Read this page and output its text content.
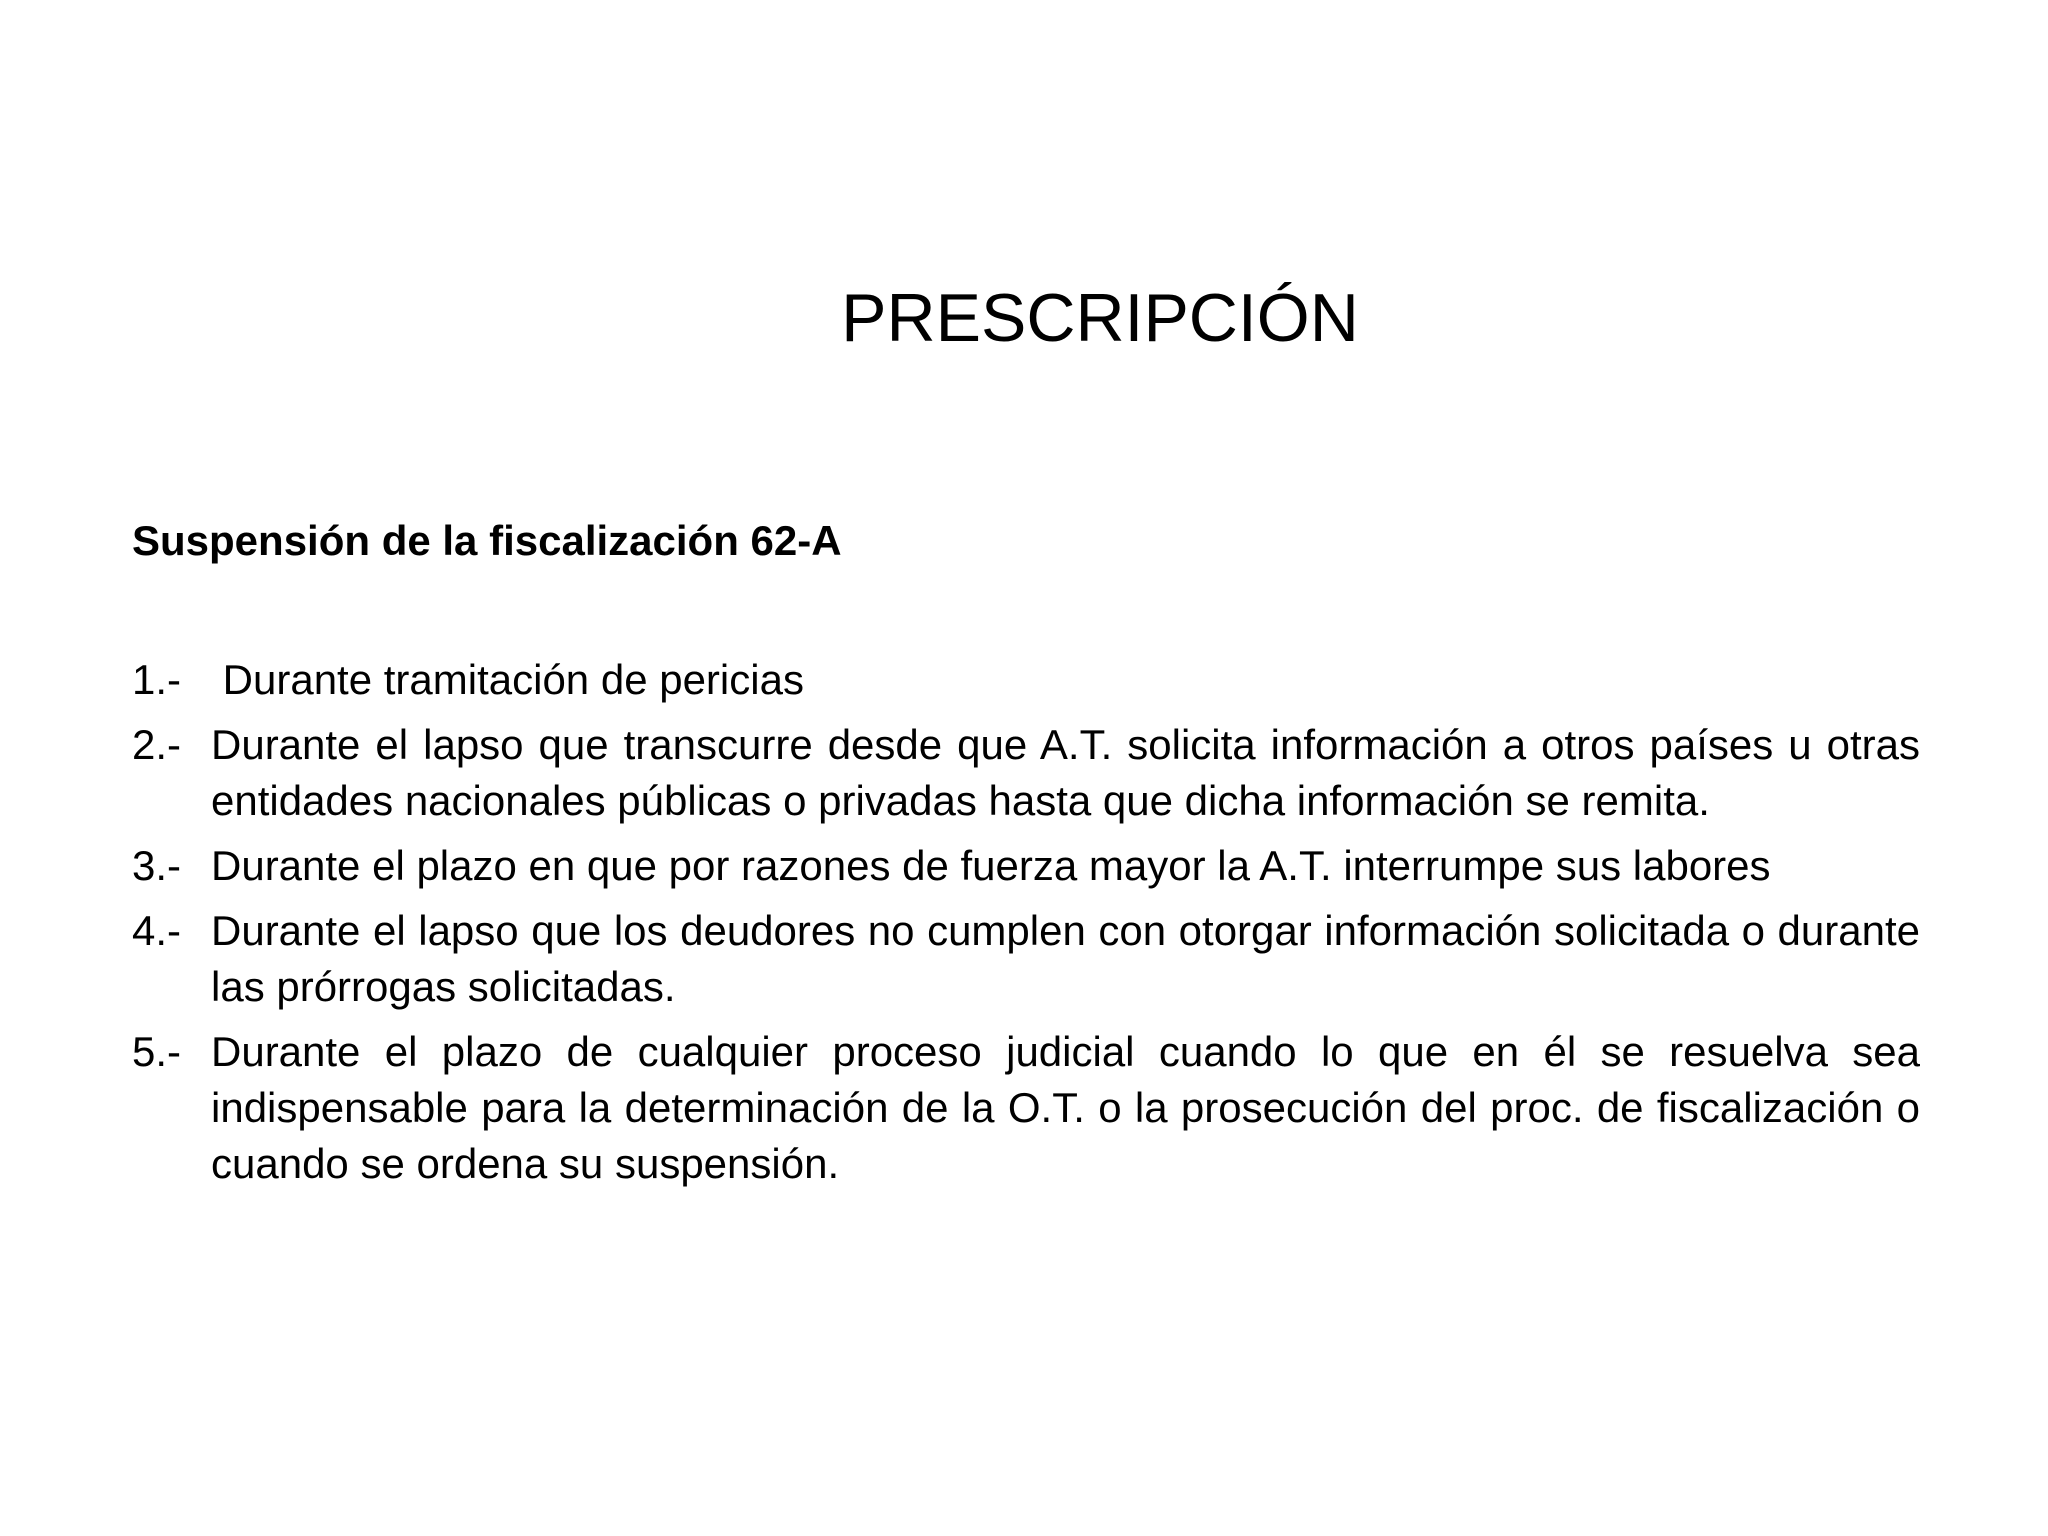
PRESCRIPCIÓN
Suspensión de la fiscalización 62-A
1.- Durante tramitación de pericias
2.- Durante el lapso que transcurre desde que A.T. solicita información a otros países u otras entidades nacionales públicas o privadas hasta que dicha información se remita.
3.- Durante el plazo en que por razones de fuerza mayor la A.T. interrumpe sus labores
4.- Durante el lapso que los deudores no cumplen con otorgar información solicitada o durante las prórrogas solicitadas.
5.- Durante el plazo de cualquier proceso judicial cuando lo que en él se resuelva sea indispensable para la determinación de la O.T. o la prosecución del proc. de fiscalización o cuando se ordena su suspensión.
